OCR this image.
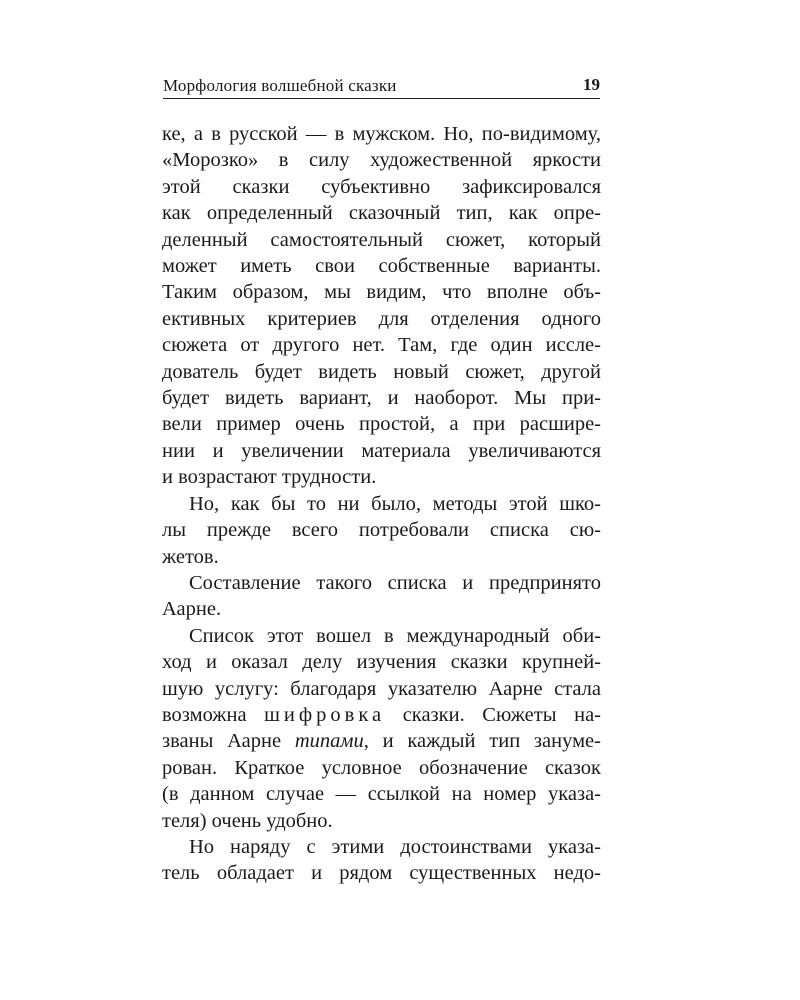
Морфология волшебной сказки	19

ке, а в русской — в мужском. Но, по-видимому,
«Морозко» в силу художественной яркости
этой сказки субъективно зафиксировался
как определенный сказочный тип, как опре-
деленный самостоятельный сюжет, который
может иметь свои собственные варианты.
Таким образом, мы видим, что вполне объ-
ективных критериев для отделения одного
сюжета от другого нет. Там, где один иссле-
дователь будет видеть новый сюжет, другой
будет видеть вариант, и наоборот. Мы при-
вели пример очень простой, а при расшире-
нии и увеличении материала увеличиваются
и возрастают трудности.

Но, как бы то ни было, методы этой шко-
лы прежде всего потребовали списка сю-
жетов.

Составление такого списка и предпринято
Аарне.

Список этот вошел в международный оби-
ход и оказал делу изучения сказки крупней-
шую услугу: благодаря указателю Аарне стала
возможна шифровка сказки. Сюжеты на-
званы Аарне типами, и каждый тип зануме-
рован. Краткое условное обозначение сказок
(в данном случае — ссылкой на номер указа-
теля) очень удобно.

Но наряду с этими достоинствами указа-
тель обладает и рядом существенных недо-
